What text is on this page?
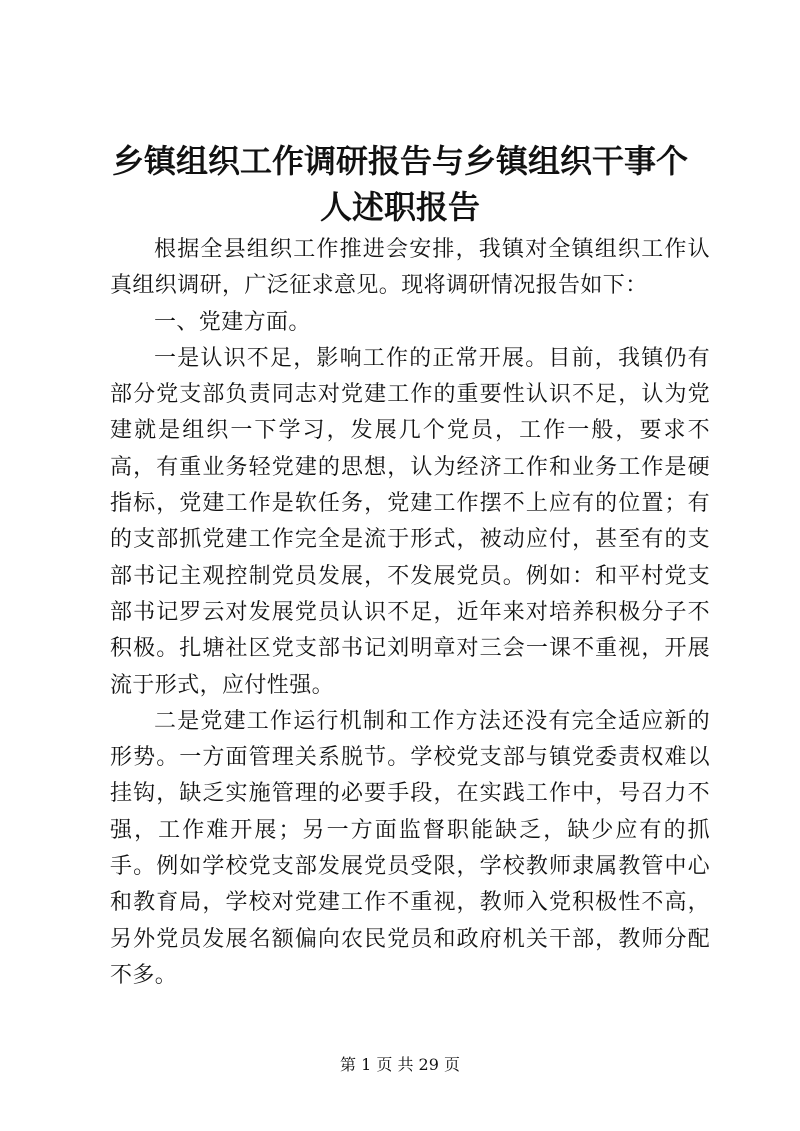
乡镇组织工作调研报告与乡镇组织干事个人述职报告

根据全县组织工作推进会安排，我镇对全镇组织工作认真组织调研，广泛征求意见。现将调研情况报告如下：

一、党建方面。

一是认识不足，影响工作的正常开展。目前，我镇仍有部分党支部负责同志对党建工作的重要性认识不足，认为党建就是组织一下学习，发展几个党员，工作一般，要求不高，有重业务轻党建的思想，认为经济工作和业务工作是硬指标，党建工作是软任务，党建工作摆不上应有的位置；有的支部抓党建工作完全是流于形式，被动应付，甚至有的支部书记主观控制党员发展，不发展党员。例如：和平村党支部书记罗云对发展党员认识不足，近年来对培养积极分子不积极。扎塘社区党支部书记刘明章对三会一课不重视，开展流于形式，应付性强。

二是党建工作运行机制和工作方法还没有完全适应新的形势。一方面管理关系脱节。学校党支部与镇党委责权难以挂钩，缺乏实施管理的必要手段，在实践工作中，号召力不强，工作难开展；另一方面监督职能缺乏，缺少应有的抓手。例如学校党支部发展党员受限，学校教师隶属教管中心和教育局，学校对党建工作不重视，教师入党积极性不高，另外党员发展名额偏向农民党员和政府机关干部，教师分配不多。

第 1 页 共 29 页
